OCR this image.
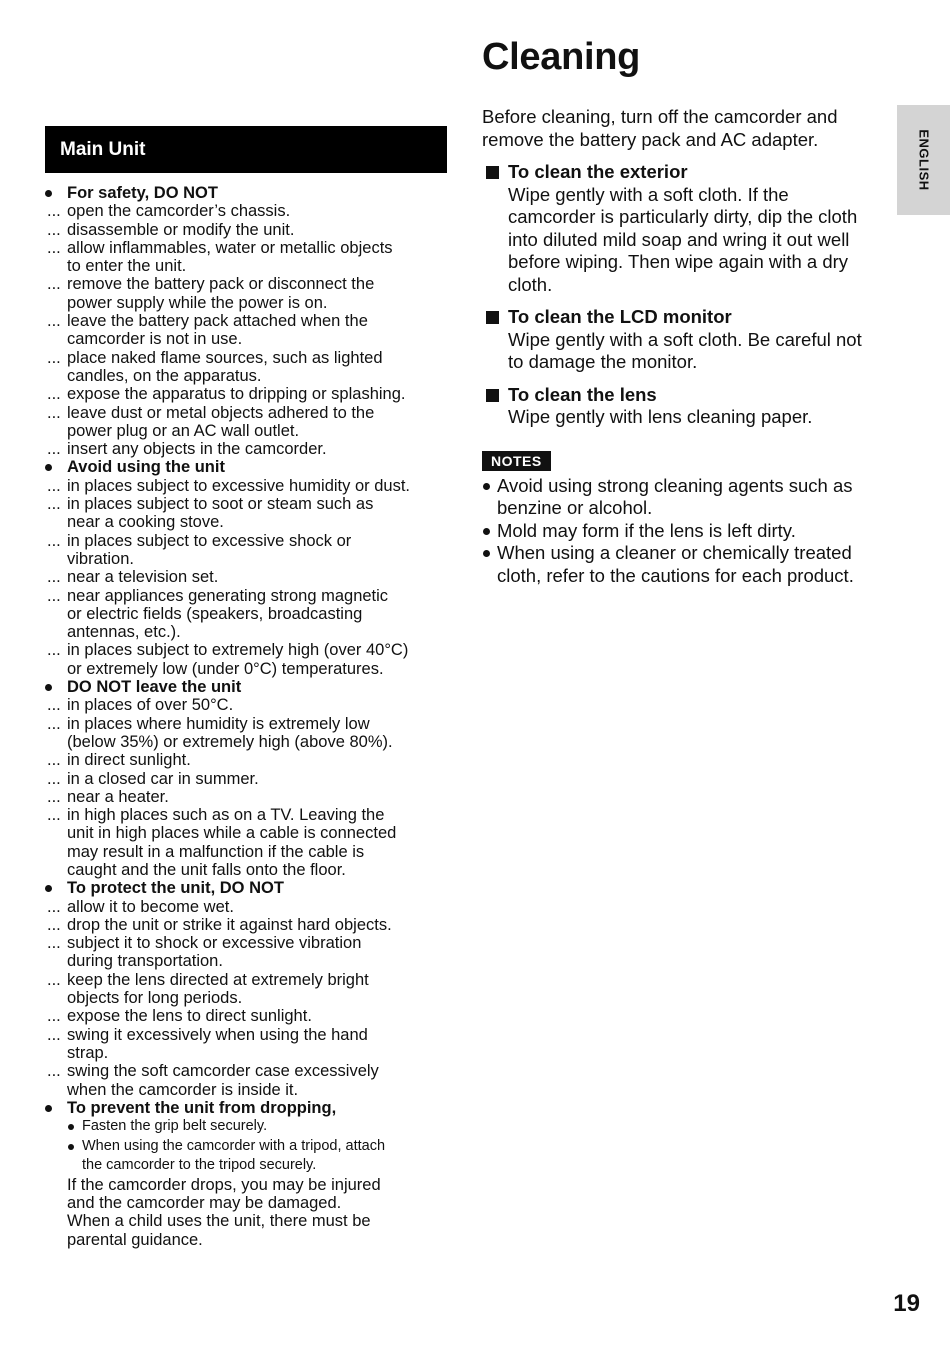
ENGLISH
Main Unit
For safety, DO NOT
... open the camcorder’s chassis.
... disassemble or modify the unit.
... allow inflammables, water or metallic objects
to enter the unit.
... remove the battery pack or disconnect the
power supply while the power is on.
... leave the battery pack attached when the
camcorder is not in use.
... place naked flame sources, such as lighted
candles, on the apparatus.
... expose the apparatus to dripping or splashing.
... leave dust or metal objects adhered to the
power plug or an AC wall outlet.
... insert any objects in the camcorder.
Avoid using the unit
... in places subject to excessive humidity or dust.
... in places subject to soot or steam such as
near a cooking stove.
... in places subject to excessive shock or
vibration.
... near a television set.
... near appliances generating strong magnetic
or electric fields (speakers, broadcasting
antennas, etc.).
... in places subject to extremely high (over 40°C)
or extremely low (under 0°C) temperatures.
DO NOT leave the unit
... in places of over 50°C.
... in places where humidity is extremely low
(below 35%) or extremely high (above 80%).
... in direct sunlight.
... in a closed car in summer.
... near a heater.
... in high places such as on a TV. Leaving the
unit in high places while a cable is connected
may result in a malfunction if the cable is
caught and the unit falls onto the floor.
To protect the unit, DO NOT
... allow it to become wet.
... drop the unit or strike it against hard objects.
... subject it to shock or excessive vibration
during transportation.
... keep the lens directed at extremely bright
objects for long periods.
... expose the lens to direct sunlight.
... swing it excessively when using the hand
strap.
... swing the soft camcorder case excessively
when the camcorder is inside it.
To prevent the unit from dropping,
Fasten the grip belt securely.
When using the camcorder with a tripod, attach
the camcorder to the tripod securely.
If the camcorder drops, you may be injured
and the camcorder may be damaged.
When a child uses the unit, there must be
parental guidance.
Cleaning
Before cleaning, turn off the camcorder and
remove the battery pack and AC adapter.
To clean the exterior
Wipe gently with a soft cloth. If the
camcorder is particularly dirty, dip the cloth
into diluted mild soap and wring it out well
before wiping. Then wipe again with a dry
cloth.
To clean the LCD monitor
Wipe gently with a soft cloth. Be careful not
to damage the monitor.
To clean the lens
Wipe gently with lens cleaning paper.
NOTES
Avoid using strong cleaning agents such as
benzine or alcohol.
Mold may form if the lens is left dirty.
When using a cleaner or chemically treated
cloth, refer to the cautions for each product.
19
